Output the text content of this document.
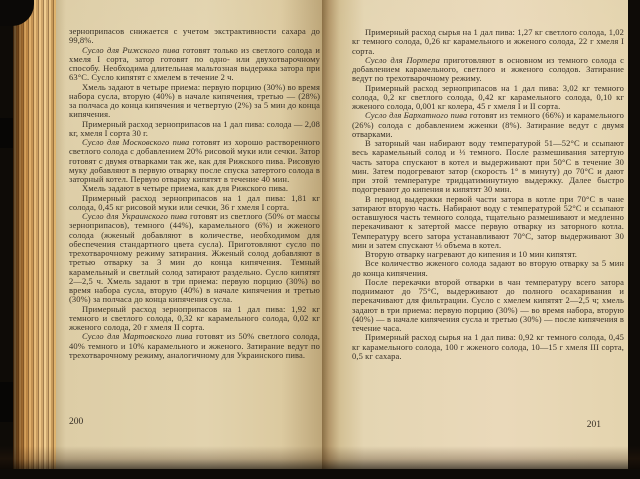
зерноприпасов снижается с учетом экстрактивности сахара до 99,8%.

Сусло для Рижского пива готовят только из светлого солода и хмеля I сорта, затор готовят по одно- или двухотварочному способу. Необходима длительная мальтозная выдержка затора при 63°С. Сусло кипятят с хмелем в течение 2 ч.

Хмель задают в четыре приема: первую порцию (30%) во время набора сусла, вторую (40%) в начале кипячения, третью — (28%) за полчаса до конца кипячения и четвертую (2%) за 5 мин до конца кипячения.

Примерный расход зерноприпасов на 1 дал пива: солода — 2,08 кг, хмеля I сорта 30 г.

Сусло для Московского пива готовят из хорошо растворенного светлого солода с добавлением 20% рисовой муки или сечки. Затор готовят с двумя отварками так же, как для Рижского пива. Рисовую муку добавляют в первую отварку после спуска затертого солода в заторный котел. Первую отварку кипятят в течение 40 мин.

Хмель задают в четыре приема, как для Рижского пива.

Примерный расход зерноприпасов на 1 дал пива: 1,81 кг солода, 0,45 кг рисовой муки или сечки, 36 г хмеля I сорта.

Сусло для Украинского пива готовят из светлого (50% от массы зерноприпасов), темного (44%), карамельного (6%) и жженого солода (жженый добавляют в количестве, необходимом для обеспечения стандартного цвета сусла). Приготовляют сусло по трехотварочному режиму затирания. Жженый солод добавляют в третью отварку за 3 мин до конца кипячения. Темный карамельный и светлый солод затирают раздельно. Сусло кипятят 2—2,5 ч. Хмель задают в три приема: первую порцию (30%) во время набора сусла, вторую (40%) в начале кипячения и третью (30%) за полчаса до конца кипячения сусла.

Примерный расход зерноприпасов на 1 дал пива: 1,92 кг темного и светлого солода, 0,32 кг карамельного солода, 0,02 кг жженого солода, 20 г хмеля II сорта.

Сусло для Мартовского пива готовят из 50% светлого солода, 40% темного и 10% карамельного и жженого. Затирание ведут по трехотварочному режиму, аналогичному для Украинского пива.

200

Примерный расход сырья на 1 дал пива: 1,27 кг светлого солода, 1,02 кг темного солода, 0,26 кг карамельного и жженого солода, 22 г хмеля I сорта.

Сусло для Портера приготовляют в основном из темного солода с добавлением карамельного, светлого и жженого солодов. Затирание ведут по трехотварочному режиму.

Примерный расход зерноприпасов на 1 дал пива: 3,02 кг темного солода, 0,2 кг светлого солода, 0,42 кг карамельного солода, 0,10 кг жженого солода, 0,001 кг колера, 45 г хмеля I и II сорта.

Сусло для Бархатного пива готовят из темного (66%) и карамельного (26%) солода с добавлением жженки (8%). Затирание ведут с двумя отварками.

В заторный чан набирают воду температурой 51—52°С и ссыпают весь карамельный солод и ⅓ темного. После размешивания затертую часть затора спускают в котел и выдерживают при 50°С в течение 30 мин. Затем подогревают затор (скорость 1° в минуту) до 70°С и дают при этой температуре тридцатиминутную выдержку. Далее быстро подогревают до кипения и кипятят 30 мин.

В период выдержки первой части затора в котле при 70°С в чане затирают вторую часть. Набирают воду с температурой 52°С и ссыпают оставшуюся часть темного солода, тщательно размешивают и медленно перекачивают к затертой массе первую отварку из заторного котла. Температуру всего затора устанавливают 70°С, затор выдерживают 30 мин и затем спускают ⅓ объема в котел.

Вторую отварку нагревают до кипения и 10 мин кипятят.

Все количество жженого солода задают во вторую отварку за 5 мин до конца кипячения.

После перекачки второй отварки в чан температуру всего затора поднимают до 75°С, выдерживают до полного осахаривания и перекачивают для фильтрации. Сусло с хмелем кипятят 2—2,5 ч; хмель задают в три приема: первую порцию (30%) — во время набора, вторую (40%) — в начале кипячения сусла и третью (30%) — после кипячения в течение часа.

Примерный расход сырья на 1 дал пива: 0,92 кг темного солода, 0,45 кг карамельного солода, 100 г жженого солода, 10—15 г хмеля III сорта, 0,5 кг сахара.

201
